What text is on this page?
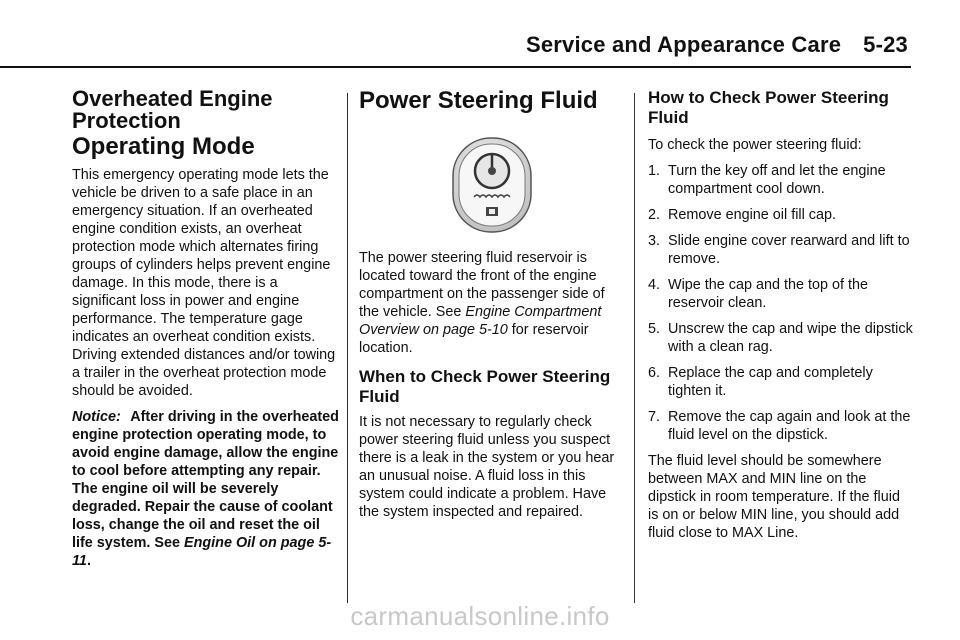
Service and Appearance Care 5-23
Overheated Engine
Protection
Operating Mode

This emergency operating mode lets the vehicle be driven to a safe place in an emergency situation. If an overheated engine condition exists, an overheat protection mode which alternates firing groups of cylinders helps prevent engine damage. In this mode, there is a significant loss in power and engine performance. The temperature gage indicates an overheat condition exists. Driving extended distances and/or towing a trailer in the overheat protection mode should be avoided.

Notice: After driving in the overheated engine protection operating mode, to avoid engine damage, allow the engine to cool before attempting any repair. The engine oil will be severely degraded. Repair the cause of coolant loss, change the oil and reset the oil life system. See Engine Oil on page 5-11.

Power Steering Fluid

The power steering fluid reservoir is located toward the front of the engine compartment on the passenger side of the vehicle. See Engine Compartment Overview on page 5-10 for reservoir location.

When to Check Power Steering Fluid

It is not necessary to regularly check power steering fluid unless you suspect there is a leak in the system or you hear an unusual noise. A fluid loss in this system could indicate a problem. Have the system inspected and repaired.

How to Check Power Steering Fluid

To check the power steering fluid:

1. Turn the key off and let the engine compartment cool down.
2. Remove engine oil fill cap.
3. Slide engine cover rearward and lift to remove.
4. Wipe the cap and the top of the reservoir clean.
5. Unscrew the cap and wipe the dipstick with a clean rag.
6. Replace the cap and completely tighten it.
7. Remove the cap again and look at the fluid level on the dipstick.

The fluid level should be somewhere between MAX and MIN line on the dipstick in room temperature. If the fluid is on or below MIN line, you should add fluid close to MAX Line.

carmanualsonline.info
